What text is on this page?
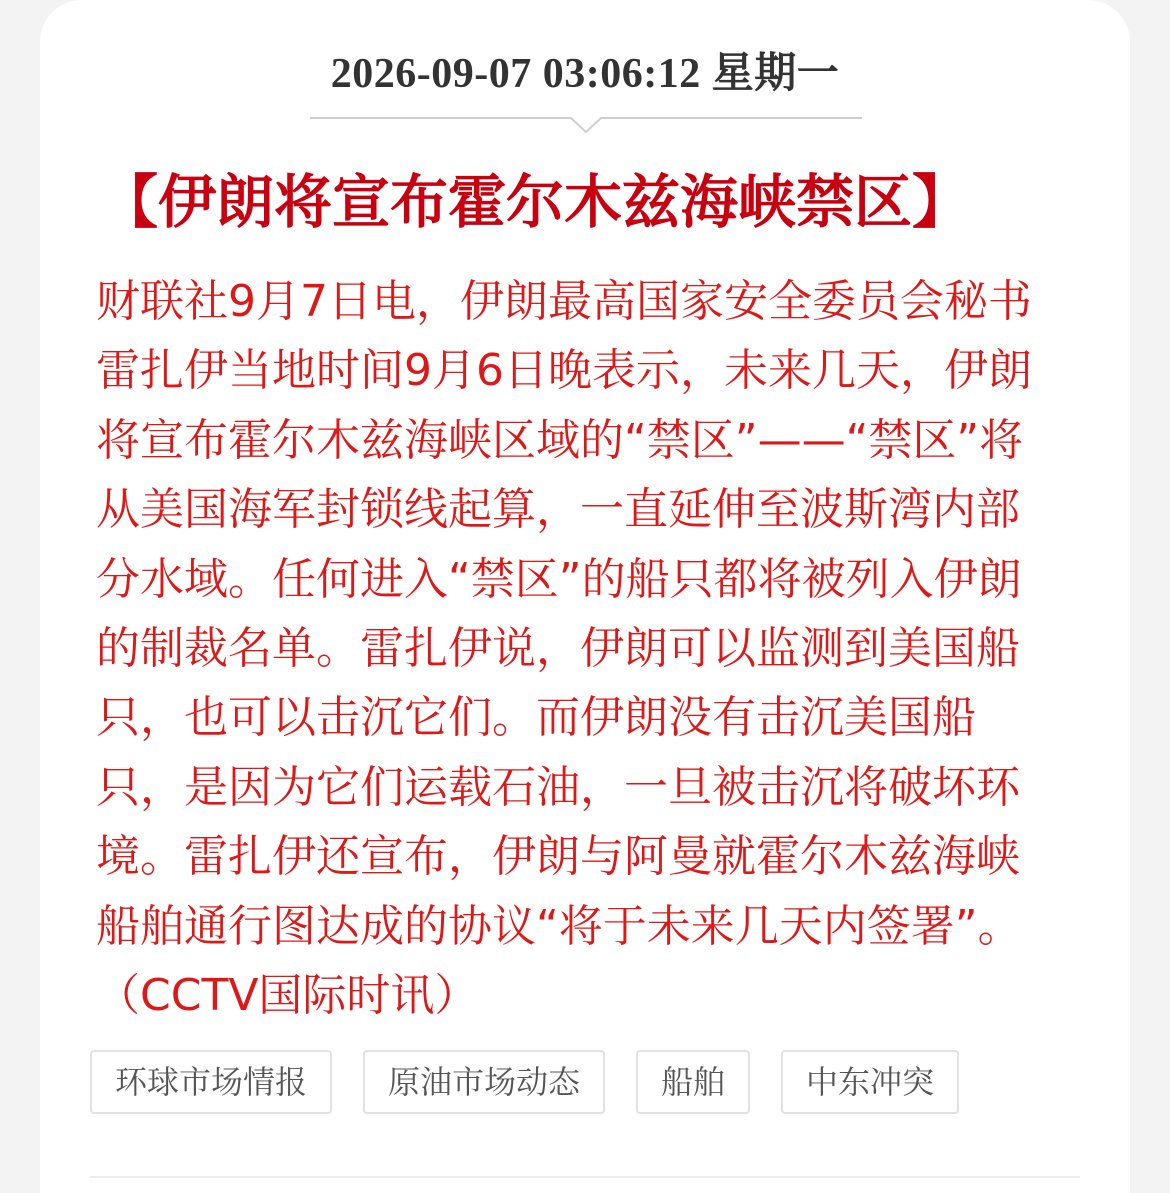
2026-09-07 03:06:12 星期一
【伊朗将宣布霍尔木兹海峡禁区】
财联社9月7日电，伊朗最高国家安全委员会秘书
雷扎伊当地时间9月6日晚表示，未来几天，伊朗
将宣布霍尔木兹海峡区域的“禁区”——“禁区”将
从美国海军封锁线起算，一直延伸至波斯湾内部
分水域。任何进入“禁区”的船只都将被列入伊朗
的制裁名单。雷扎伊说，伊朗可以监测到美国船
只，也可以击沉它们。而伊朗没有击沉美国船
只，是因为它们运载石油，一旦被击沉将破坏环
境。雷扎伊还宣布，伊朗与阿曼就霍尔木兹海峡
船舶通行图达成的协议“将于未来几天内签署”。
（CCTV国际时讯）
环球市场情报	原油市场动态	船舶	中东冲突
